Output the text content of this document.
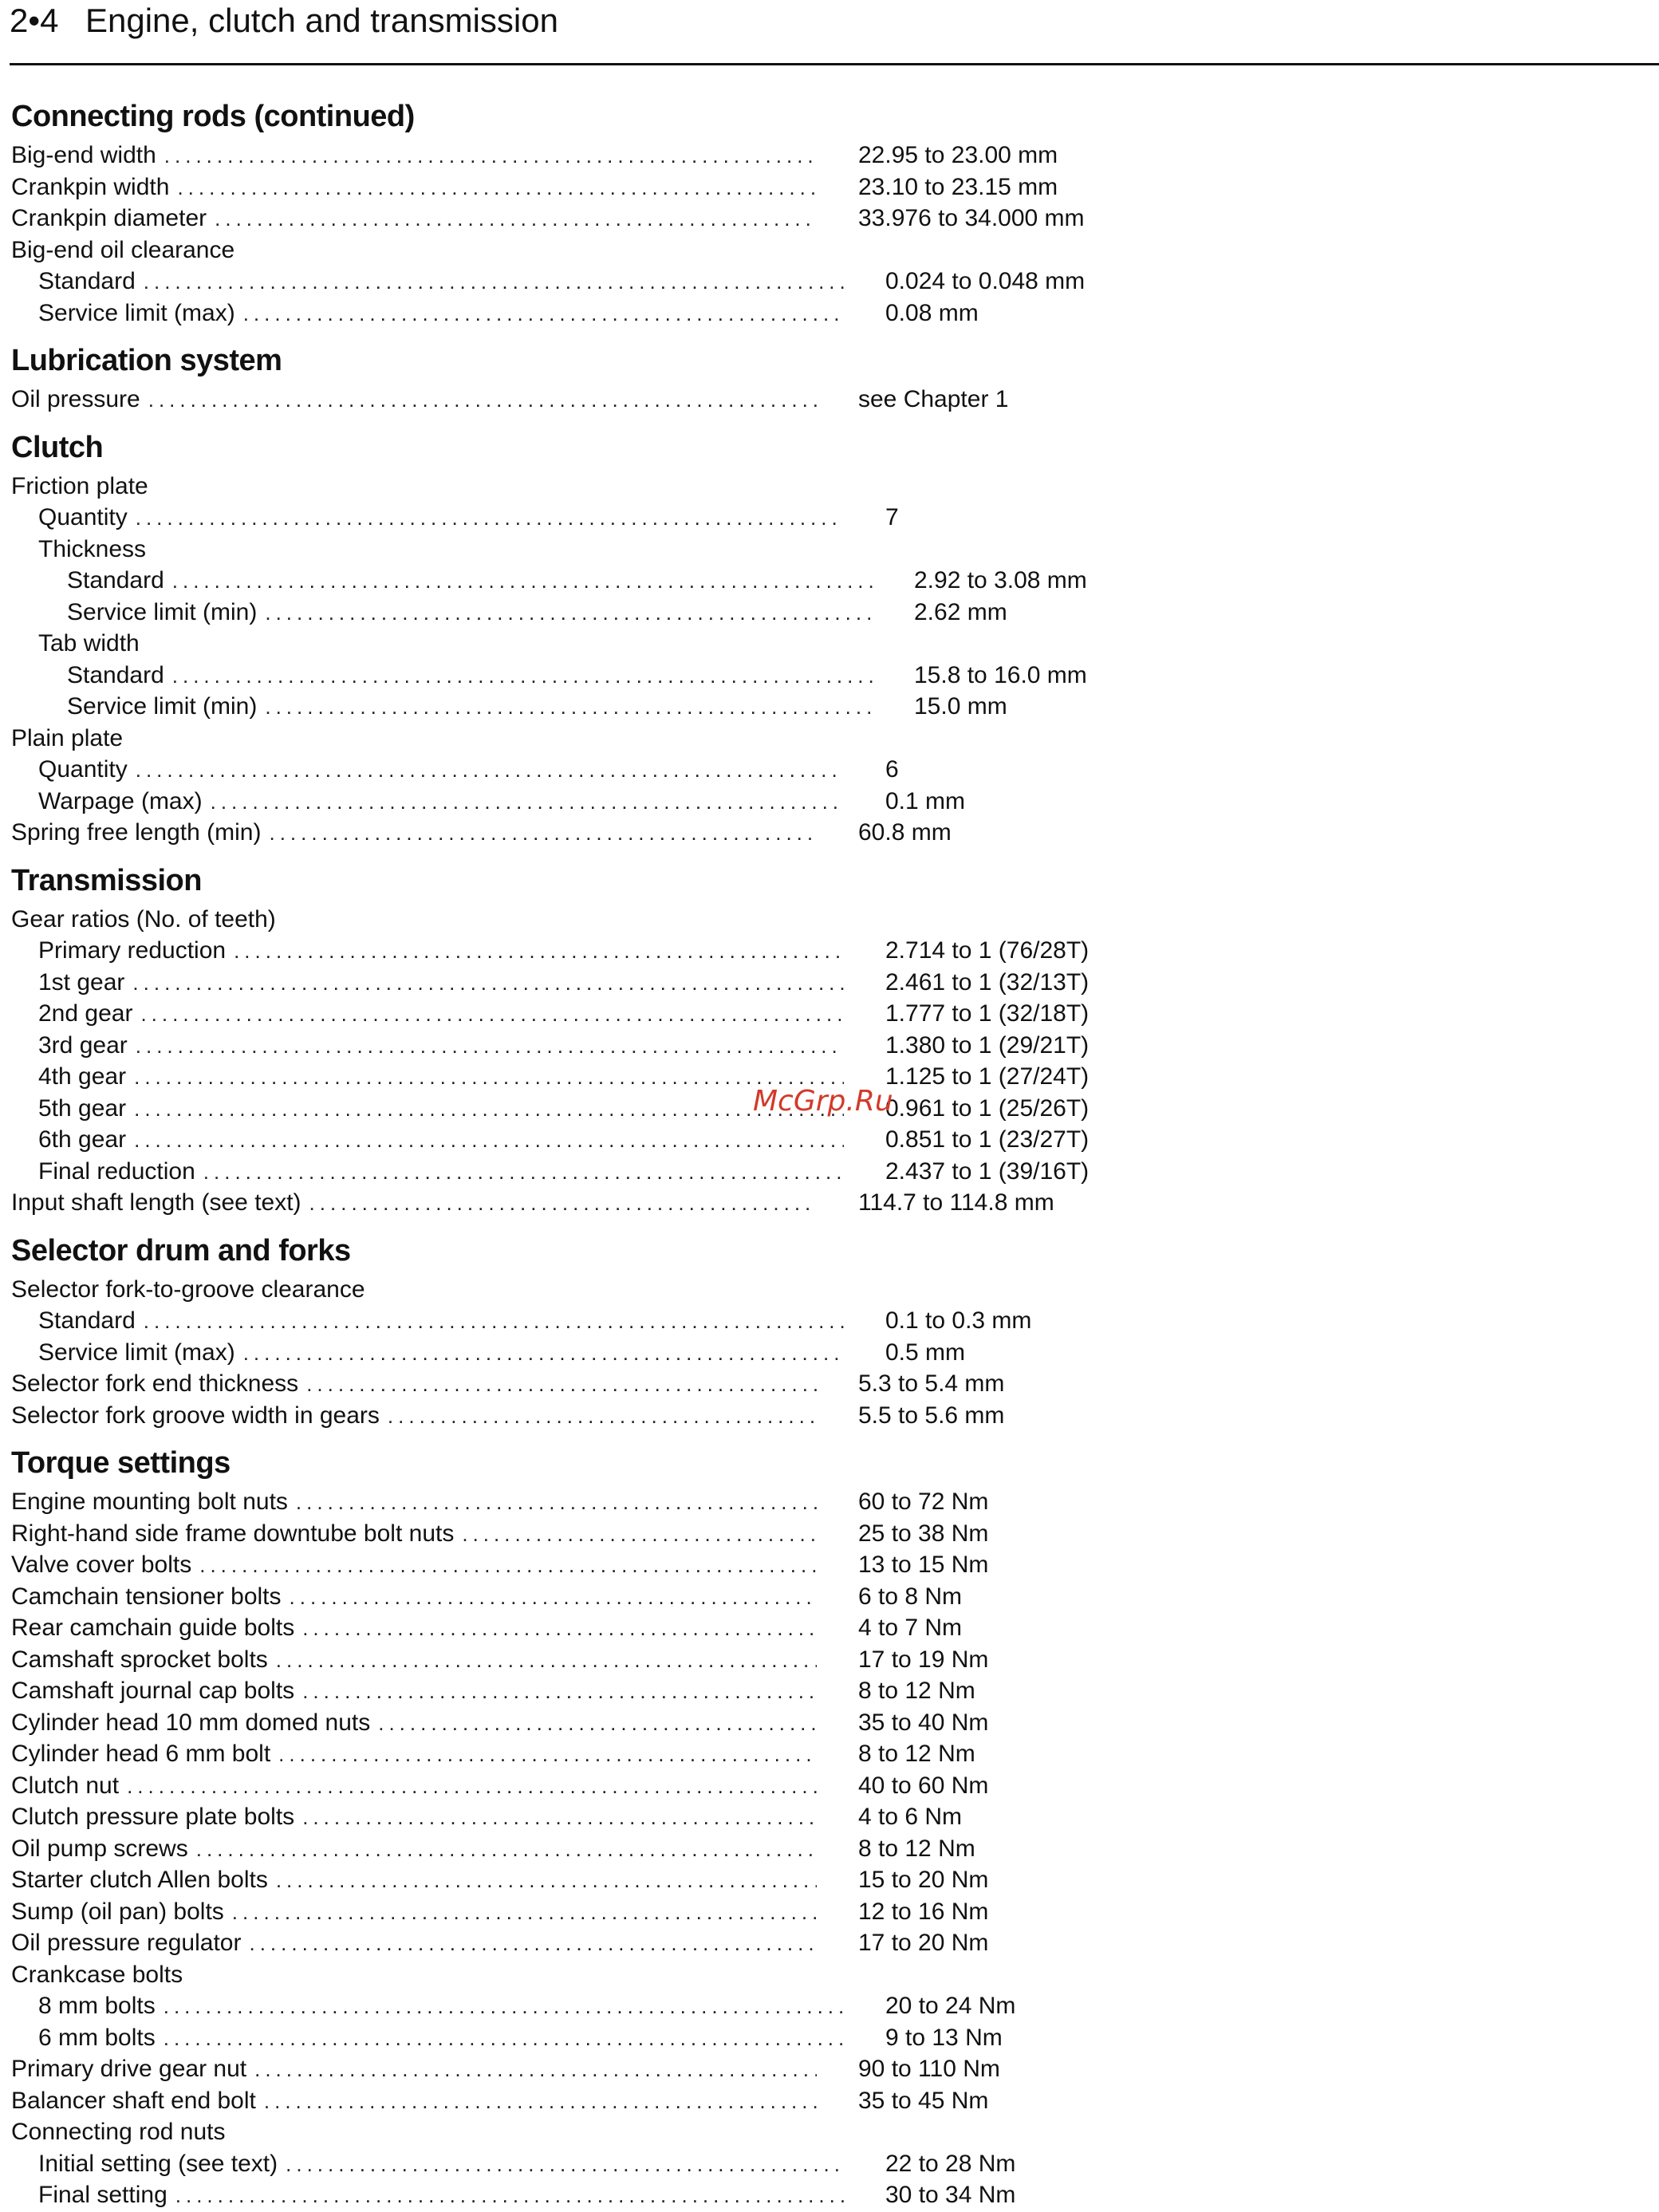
2•4 Engine, clutch and transmission
Connecting rods (continued)
Big-end width .....	22.95 to 23.00 mm
Crankpin width .....	23.10 to 23.15 mm
Crankpin diameter .....	33.976 to 34.000 mm
Big-end oil clearance
Standard .....	0.024 to 0.048 mm
Service limit (max) .....	0.08 mm
Lubrication system
Oil pressure .....	see Chapter 1
Clutch
Friction plate
Quantity .....	7
Thickness
Standard .....	2.92 to 3.08 mm
Service limit (min) .....	2.62 mm
Tab width
Standard .....	15.8 to 16.0 mm
Service limit (min) .....	15.0 mm
Plain plate
Quantity .....	6
Warpage (max) .....	0.1 mm
Spring free length (min) .....	60.8 mm
Transmission
Gear ratios (No. of teeth)
Primary reduction .....	2.714 to 1 (76/28T)
1st gear .....	2.461 to 1 (32/13T)
2nd gear .....	1.777 to 1 (32/18T)
3rd gear .....	1.380 to 1 (29/21T)
4th gear .....	1.125 to 1 (27/24T)
5th gear .....	0.961 to 1 (25/26T)
6th gear .....	0.851 to 1 (23/27T)
Final reduction .....	2.437 to 1 (39/16T)
Input shaft length (see text) .....	114.7 to 114.8 mm
Selector drum and forks
Selector fork-to-groove clearance
Standard .....	0.1 to 0.3 mm
Service limit (max) .....	0.5 mm
Selector fork end thickness .....	5.3 to 5.4 mm
Selector fork groove width in gears .....	5.5 to 5.6 mm
Torque settings
Engine mounting bolt nuts .....	60 to 72 Nm
Right-hand side frame downtube bolt nuts .....	25 to 38 Nm
Valve cover bolts .....	13 to 15 Nm
Camchain tensioner bolts .....	6 to 8 Nm
Rear camchain guide bolts .....	4 to 7 Nm
Camshaft sprocket bolts .....	17 to 19 Nm
Camshaft journal cap bolts .....	8 to 12 Nm
Cylinder head 10 mm domed nuts .....	35 to 40 Nm
Cylinder head 6 mm bolt .....	8 to 12 Nm
Clutch nut .....	40 to 60 Nm
Clutch pressure plate bolts .....	4 to 6 Nm
Oil pump screws .....	8 to 12 Nm
Starter clutch Allen bolts .....	15 to 20 Nm
Sump (oil pan) bolts .....	12 to 16 Nm
Oil pressure regulator .....	17 to 20 Nm
Crankcase bolts
8 mm bolts .....	20 to 24 Nm
6 mm bolts .....	9 to 13 Nm
Primary drive gear nut .....	90 to 110 Nm
Balancer shaft end bolt .....	35 to 45 Nm
Connecting rod nuts
Initial setting (see text) .....	22 to 28 Nm
Final setting .....	30 to 34 Nm
McGrp.Ru
